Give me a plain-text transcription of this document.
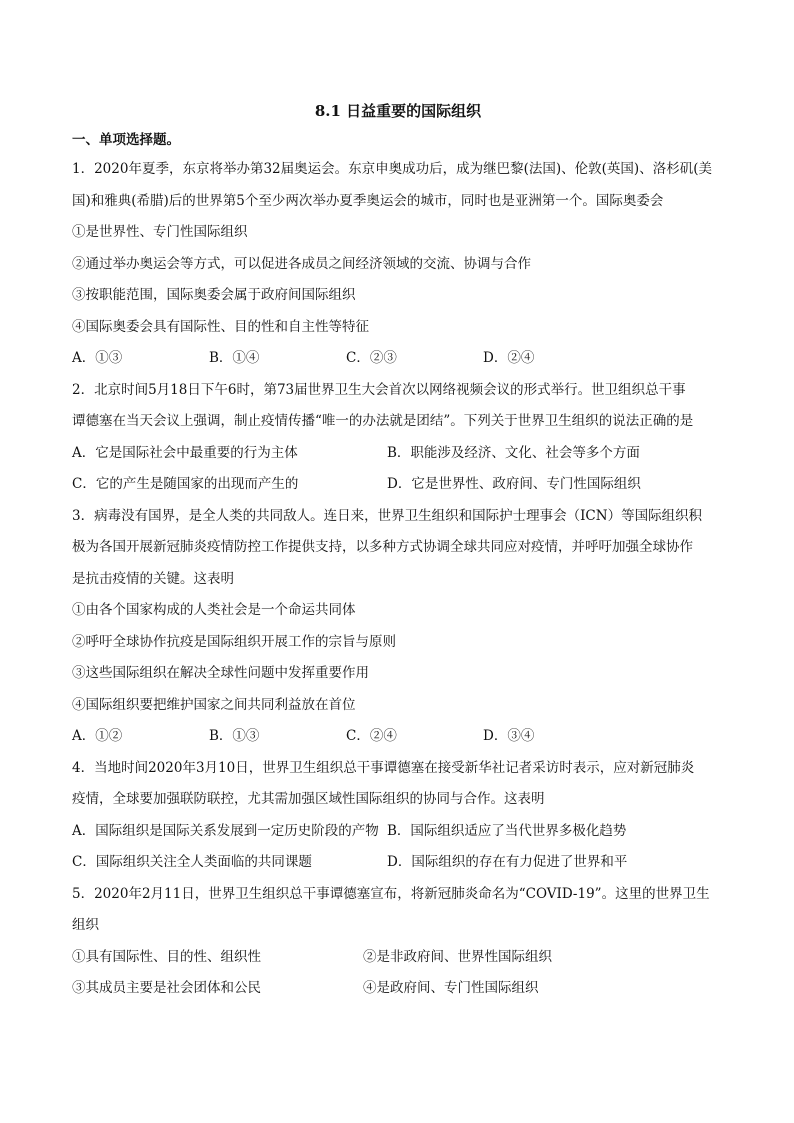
8.1 日益重要的国际组织
一、单项选择题。
1．2020年夏季，东京将举办第32届奥运会。东京申奥成功后，成为继巴黎(法国)、伦敦(英国)、洛杉矶(美
国)和雅典(希腊)后的世界第5个至少两次举办夏季奥运会的城市，同时也是亚洲第一个。国际奥委会
①是世界性、专门性国际组织
②通过举办奥运会等方式，可以促进各成员之间经济领域的交流、协调与合作
③按职能范围，国际奥委会属于政府间国际组织
④国际奥委会具有国际性、目的性和自主性等特征
A．①③	B．①④	C．②③	D．②④
2．北京时间5月18日下午6时，第73届世界卫生大会首次以网络视频会议的形式举行。世卫组织总干事
谭德塞在当天会议上强调，制止疫情传播“唯一的办法就是团结”。下列关于世界卫生组织的说法正确的是
A．它是国际社会中最重要的行为主体	B．职能涉及经济、文化、社会等多个方面
C．它的产生是随国家的出现而产生的	D．它是世界性、政府间、专门性国际组织
3．病毒没有国界，是全人类的共同敌人。连日来，世界卫生组织和国际护士理事会（ICN）等国际组织积
极为各国开展新冠肺炎疫情防控工作提供支持，以多种方式协调全球共同应对疫情，并呼吁加强全球协作
是抗击疫情的关键。这表明
①由各个国家构成的人类社会是一个命运共同体
②呼吁全球协作抗疫是国际组织开展工作的宗旨与原则
③这些国际组织在解决全球性问题中发挥重要作用
④国际组织要把维护国家之间共同利益放在首位
A．①②	B．①③	C．②④	D．③④
4．当地时间2020年3月10日，世界卫生组织总干事谭德塞在接受新华社记者采访时表示，应对新冠肺炎
疫情，全球要加强联防联控，尤其需加强区域性国际组织的协同与合作。这表明
A．国际组织是国际关系发展到一定历史阶段的产物 B．国际组织适应了当代世界多极化趋势
C．国际组织关注全人类面临的共同课题	D．国际组织的存在有力促进了世界和平
5．2020年2月11日，世界卫生组织总干事谭德塞宣布，将新冠肺炎命名为“COVID-19”。这里的世界卫生
组织
①具有国际性、目的性、组织性	②是非政府间、世界性国际组织
③其成员主要是社会团体和公民	④是政府间、专门性国际组织
